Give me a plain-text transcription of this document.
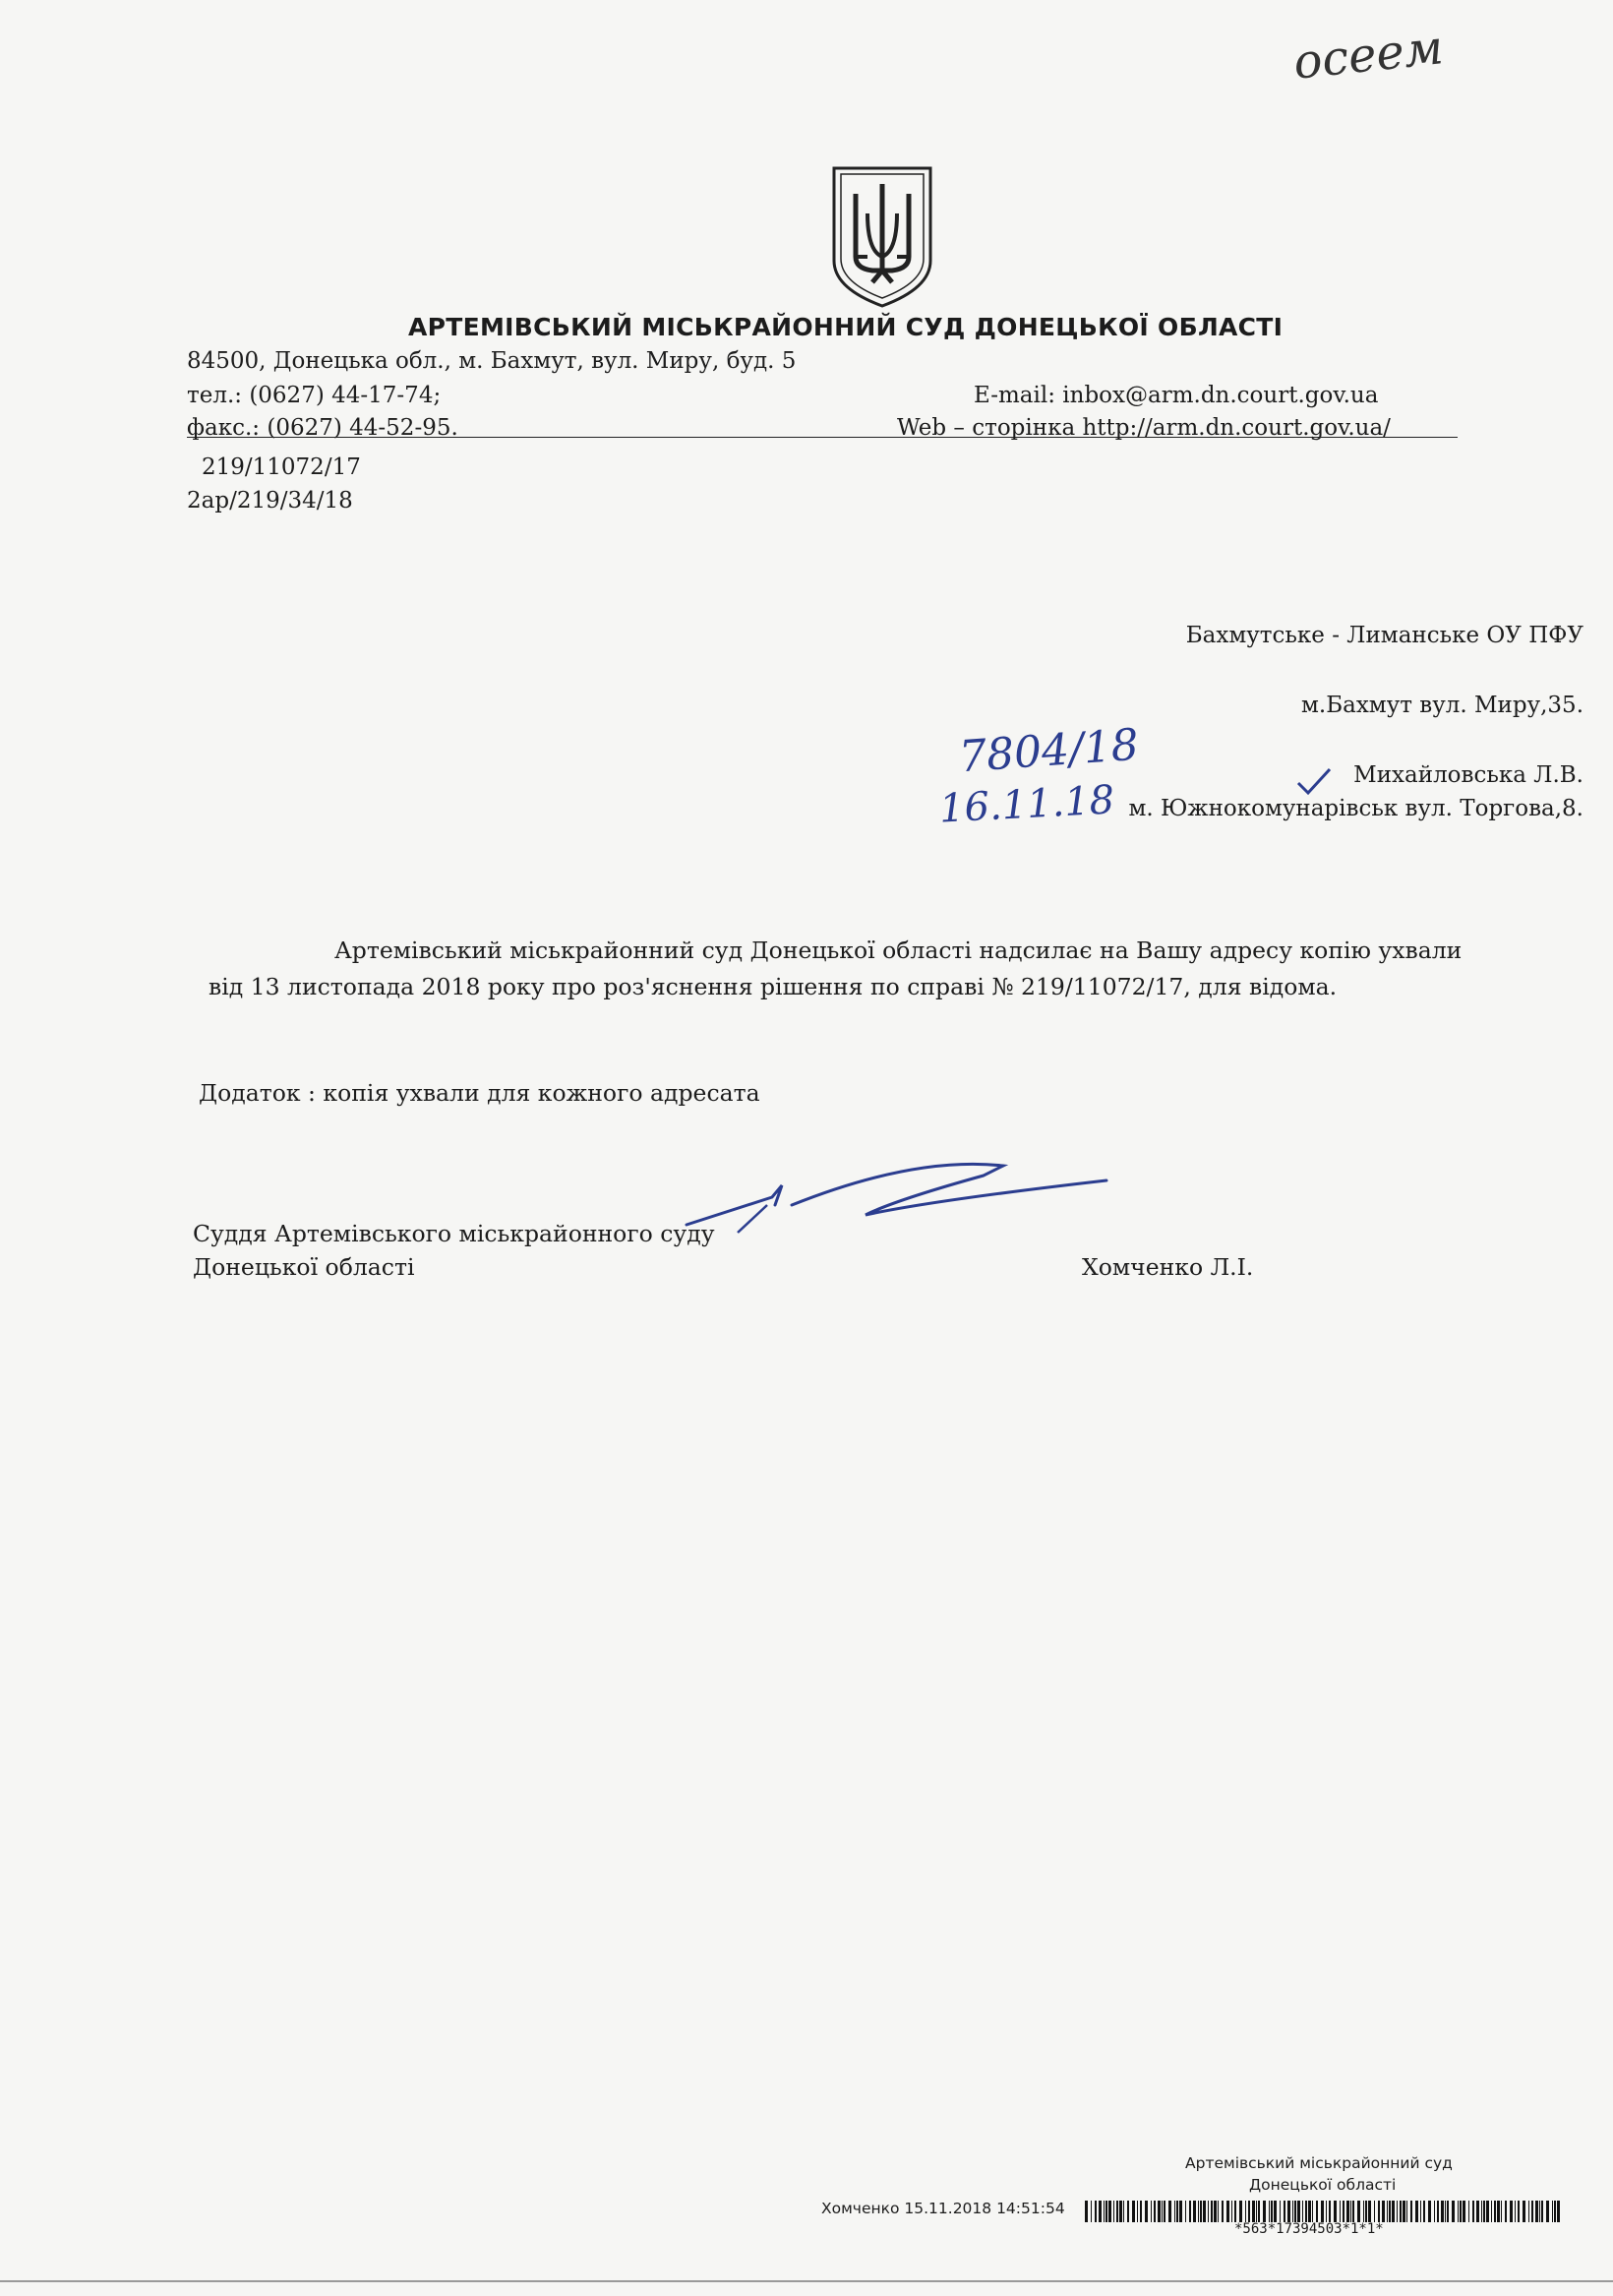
осeeм
АРТЕМІВСЬКИЙ МІСЬКРАЙОННИЙ СУД ДОНЕЦЬКОЇ ОБЛАСТІ
84500, Донецька обл., м. Бахмут, вул. Миру, буд. 5
тел.: (0627) 44-17-74;	E-mail: inbox@arm.dn.court.gov.ua
факс.: (0627) 44-52-95.	Web – сторінка http://arm.dn.court.gov.ua/
219/11072/17
2ар/219/34/18
Бахмутське - Лиманське ОУ ПФУ
м.Бахмут вул. Миру,35.
7804/18	Михайловська Л.В.
16.11.18 м. Южнокомунарівськ вул. Торгова,8.
Артемівський міськрайонний суд Донецької області надсилає на Вашу адресу копію ухвали
від 13 листопада 2018 року про роз'яснення рішення по справі № 219/11072/17, для відома.
Додаток : копія ухвали для кожного адресата
Суддя Артемівського міськрайонного суду
Донецької області	Хомченко Л.І.
Артемівський міськрайонний суд
Донецької області
Хомченко 15.11.2018 14:51:54
*563*17394503*1*1*
